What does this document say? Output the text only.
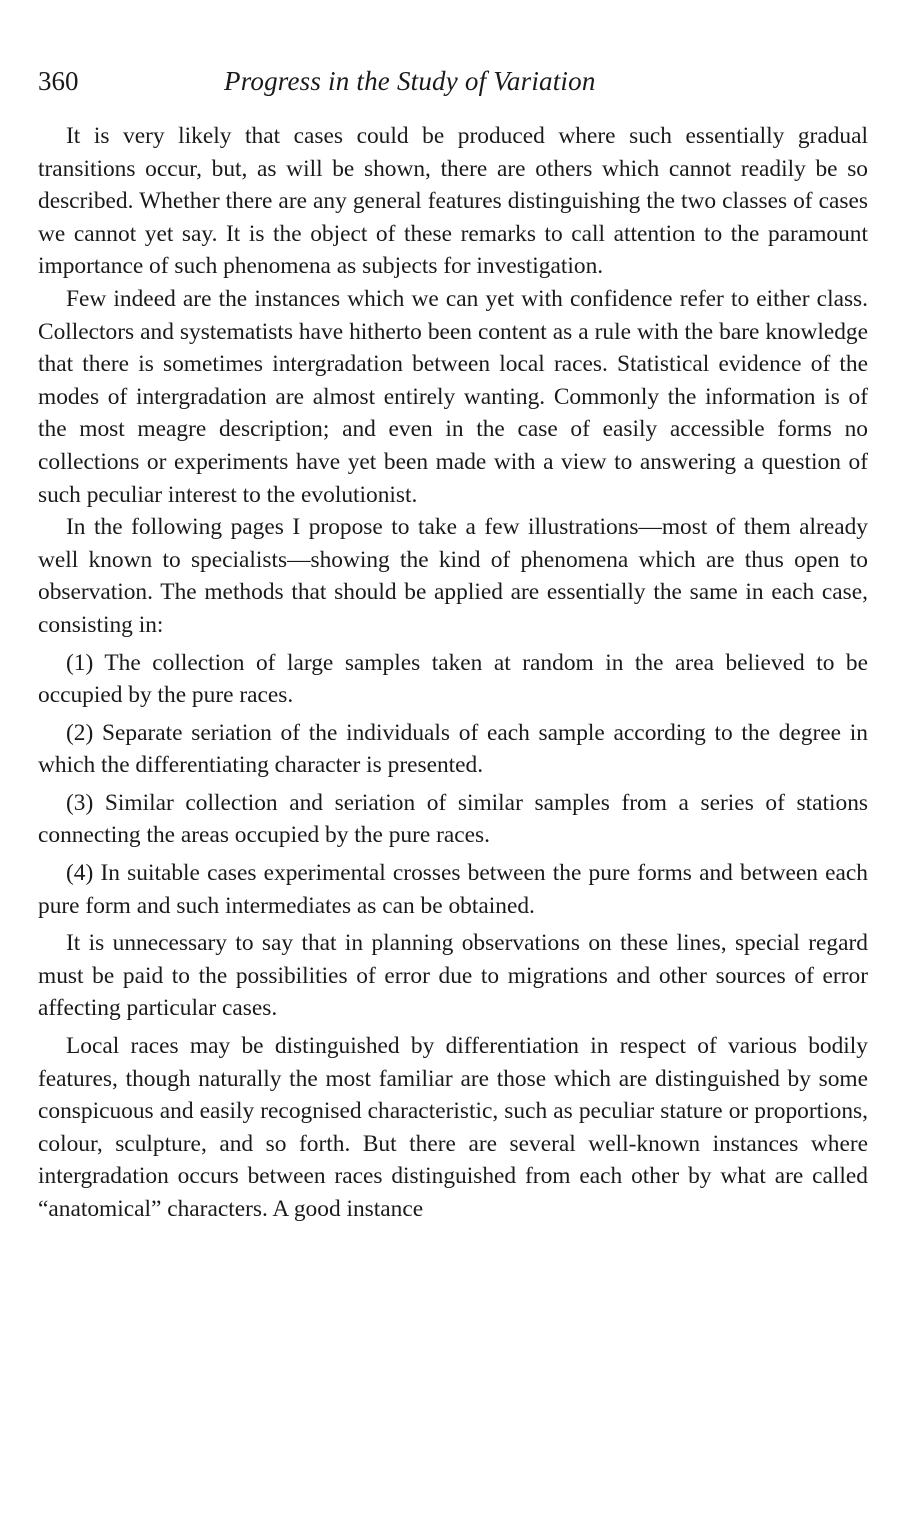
360	Progress in the Study of Variation

It is very likely that cases could be produced where such essentially gradual transitions occur, but, as will be shown, there are others which cannot readily be so described. Whether there are any general features distinguishing the two classes of cases we cannot yet say. It is the object of these remarks to call attention to the paramount importance of such phenomena as subjects for investigation.

Few indeed are the instances which we can yet with confidence refer to either class. Collectors and systematists have hitherto been content as a rule with the bare knowledge that there is sometimes intergradation between local races. Statistical evidence of the modes of intergradation are almost entirely wanting. Commonly the information is of the most meagre description; and even in the case of easily accessible forms no collections or experiments have yet been made with a view to answering a question of such peculiar interest to the evolutionist.

In the following pages I propose to take a few illustrations—most of them already well known to specialists—showing the kind of phenomena which are thus open to observation. The methods that should be applied are essentially the same in each case, consisting in:

(1) The collection of large samples taken at random in the area believed to be occupied by the pure races.

(2) Separate seriation of the individuals of each sample according to the degree in which the differentiating character is presented.

(3) Similar collection and seriation of similar samples from a series of stations connecting the areas occupied by the pure races.

(4) In suitable cases experimental crosses between the pure forms and between each pure form and such intermediates as can be obtained.

It is unnecessary to say that in planning observations on these lines, special regard must be paid to the possibilities of error due to migrations and other sources of error affecting particular cases.

Local races may be distinguished by differentiation in respect of various bodily features, though naturally the most familiar are those which are distinguished by some conspicuous and easily recognised characteristic, such as peculiar stature or proportions, colour, sculpture, and so forth. But there are several well-known instances where intergradation occurs between races distinguished from each other by what are called “anatomical” characters. A good instance
